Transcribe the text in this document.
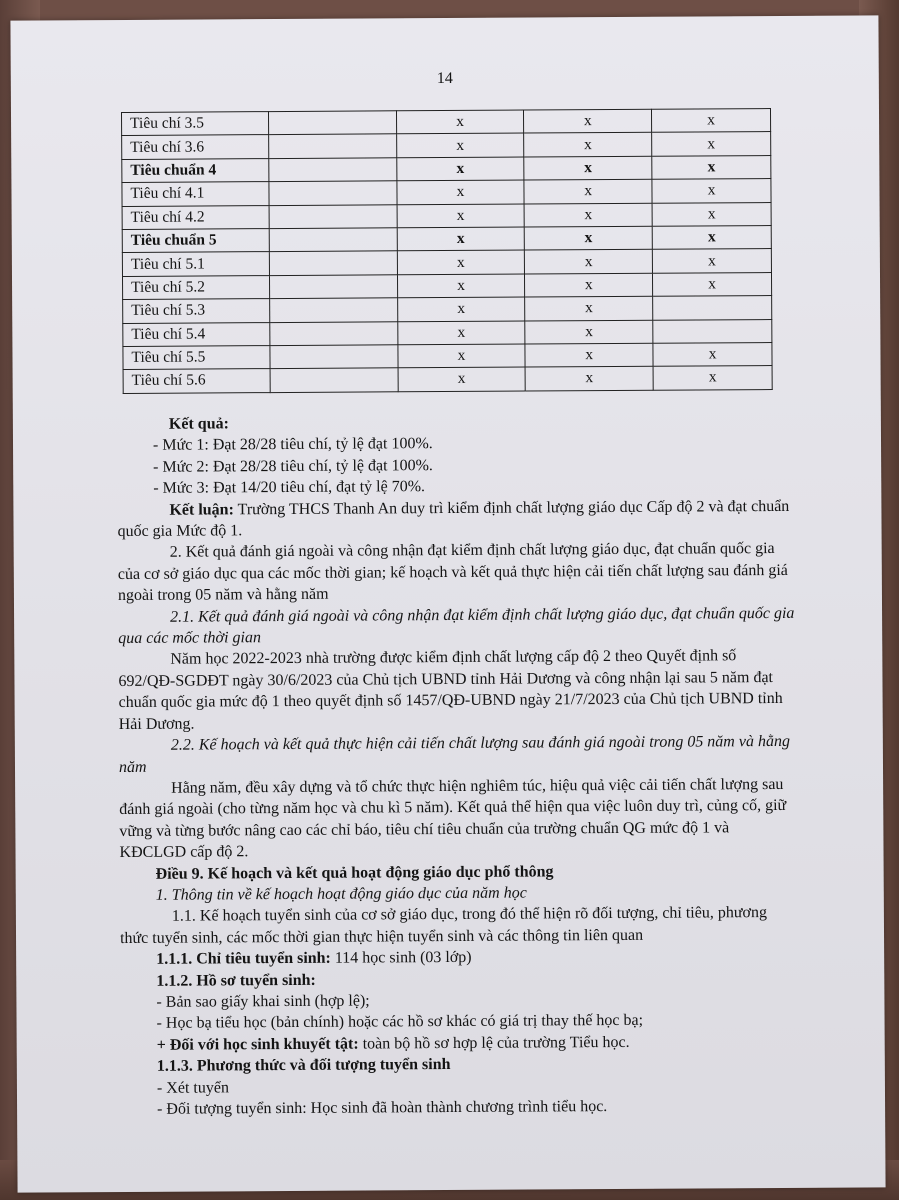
14
Tiêu chí 3.5		x	x	x
Tiêu chí 3.6		x	x	x
Tiêu chuẩn 4		x	x	x
Tiêu chí 4.1		x	x	x
Tiêu chí 4.2		x	x	x
Tiêu chuẩn 5		x	x	x
Tiêu chí 5.1		x	x	x
Tiêu chí 5.2		x	x	x
Tiêu chí 5.3		x	x	
Tiêu chí 5.4		x	x	
Tiêu chí 5.5		x	x	x
Tiêu chí 5.6		x	x	x

Kết quả:

- Mức 1: Đạt 28/28 tiêu chí, tỷ lệ đạt 100%.

- Mức 2: Đạt 28/28 tiêu chí, tỷ lệ đạt 100%.

- Mức 3: Đạt 14/20 tiêu chí, đạt tỷ lệ 70%.

Kết luận: Trường THCS Thanh An duy trì kiểm định chất lượng giáo dục Cấp độ 2 và đạt chuẩn quốc gia Mức độ 1.

2. Kết quả đánh giá ngoài và công nhận đạt kiểm định chất lượng giáo dục, đạt chuẩn quốc gia của cơ sở giáo dục qua các mốc thời gian; kế hoạch và kết quả thực hiện cải tiến chất lượng sau đánh giá ngoài trong 05 năm và hằng năm

2.1. Kết quả đánh giá ngoài và công nhận đạt kiểm định chất lượng giáo dục, đạt chuẩn quốc gia qua các mốc thời gian

Năm học 2022-2023 nhà trường được kiểm định chất lượng cấp độ 2 theo Quyết định số 692/QĐ-SGDĐT ngày 30/6/2023 của Chủ tịch UBND tỉnh Hải Dương và công nhận lại sau 5 năm đạt chuẩn quốc gia mức độ 1 theo quyết định số 1457/QĐ-UBND ngày 21/7/2023 của Chủ tịch UBND tỉnh Hải Dương.

2.2. Kế hoạch và kết quả thực hiện cải tiến chất lượng sau đánh giá ngoài trong 05 năm và hằng năm

Hằng năm, đều xây dựng và tổ chức thực hiện nghiêm túc, hiệu quả việc cải tiến chất lượng sau đánh giá ngoài (cho từng năm học và chu kì 5 năm). Kết quả thể hiện qua việc luôn duy trì, củng cố, giữ vững và từng bước nâng cao các chỉ báo, tiêu chí tiêu chuẩn của trường chuẩn QG mức độ 1 và KĐCLGD cấp độ 2.

Điều 9. Kế hoạch và kết quả hoạt động giáo dục phổ thông

1. Thông tin về kế hoạch hoạt động giáo dục của năm học

1.1. Kế hoạch tuyển sinh của cơ sở giáo dục, trong đó thể hiện rõ đối tượng, chỉ tiêu, phương thức tuyển sinh, các mốc thời gian thực hiện tuyển sinh và các thông tin liên quan

1.1.1. Chỉ tiêu tuyển sinh: 114 học sinh (03 lớp)

1.1.2. Hồ sơ tuyển sinh:

- Bản sao giấy khai sinh (hợp lệ);

- Học bạ tiểu học (bản chính) hoặc các hồ sơ khác có giá trị thay thế học bạ;

+ Đối với học sinh khuyết tật: toàn bộ hồ sơ hợp lệ của trường Tiểu học.

1.1.3. Phương thức và đối tượng tuyển sinh

- Xét tuyển

- Đối tượng tuyển sinh: Học sinh đã hoàn thành chương trình tiểu học.
